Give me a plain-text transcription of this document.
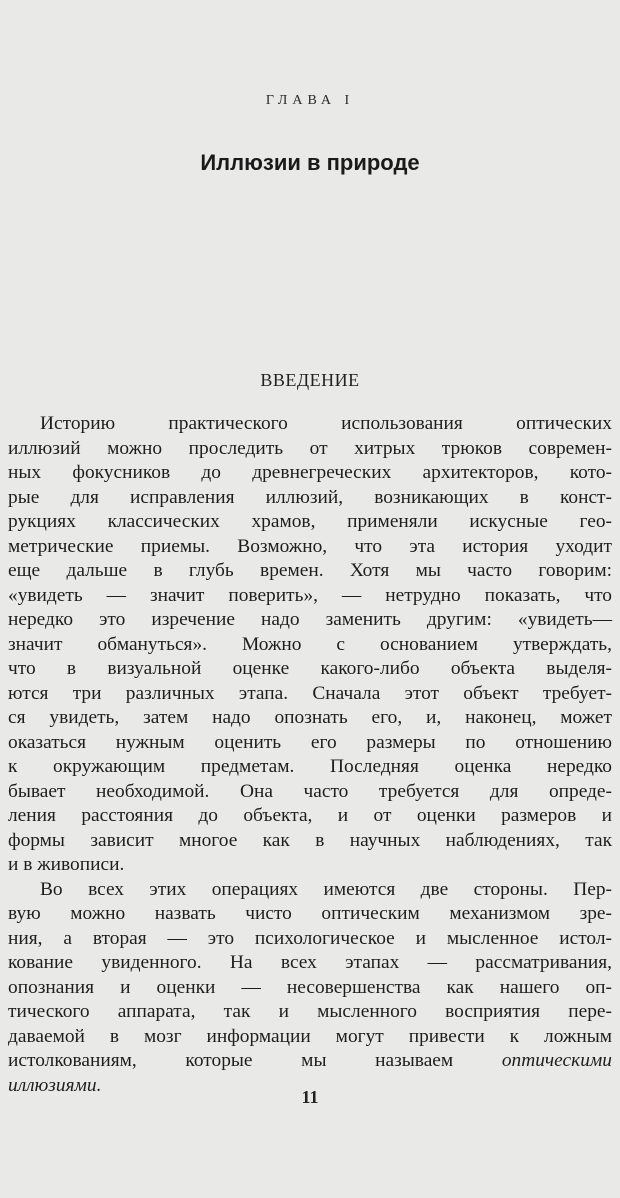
ГЛАВА I
Иллюзии в природе
ВВЕДЕНИЕ
Историю практического использования оптических
иллюзий можно проследить от хитрых трюков современ-
ных фокусников до древнегреческих архитекторов, кото-
рые для исправления иллюзий, возникающих в конст-
рукциях классических храмов, применяли искусные гео-
метрические приемы. Возможно, что эта история уходит
еще дальше в глубь времен. Хотя мы часто говорим:
«увидеть — значит поверить», — нетрудно показать, что
нередко это изречение надо заменить другим: «увидеть—
значит обмануться». Можно с основанием утверждать,
что в визуальной оценке какого-либо объекта выделя-
ются три различных этапа. Сначала этот объект требует-
ся увидеть, затем надо опознать его, и, наконец, может
оказаться нужным оценить его размеры по отношению
к окружающим предметам. Последняя оценка нередко
бывает необходимой. Она часто требуется для опреде-
ления расстояния до объекта, и от оценки размеров и
формы зависит многое как в научных наблюдениях, так
и в живописи.
Во всех этих операциях имеются две стороны. Пер-
вую можно назвать чисто оптическим механизмом зре-
ния, а вторая — это психологическое и мысленное истол-
кование увиденного. На всех этапах — рассматривания,
опознания и оценки — несовершенства как нашего оп-
тического аппарата, так и мысленного восприятия пере-
даваемой в мозг информации могут привести к ложным
истолкованиям, которые мы называем	оптическими
иллюзиями.
11
